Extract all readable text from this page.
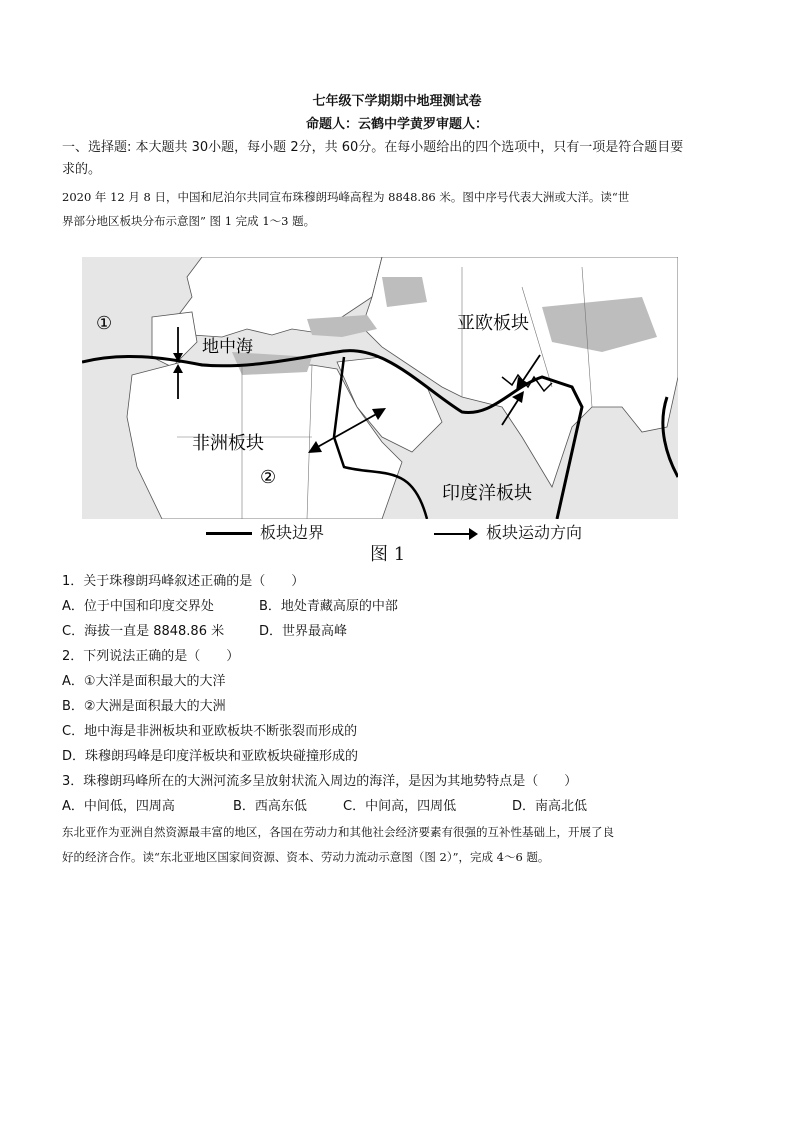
七年级下学期期中地理测试卷
命题人：云鹤中学黄罗审题人：
一、选择题: 本大题共 30小题，每小题 2分，共 60分。在每小题给出的四个选项中，只有一项是符合题目要
求的。
2020 年 12 月 8 日，中国和尼泊尔共同宣布珠穆朗玛峰高程为 8848.86 米。图中序号代表大洲或大洋。读“世
界部分地区板块分布示意图” 图 1 完成 1～3 题。
①
地中海
亚欧板块
非洲板块
②
印度洋板块
板块边界	板块运动方向
图 1
1．关于珠穆朗玛峰叙述正确的是（　　）
A．位于中国和印度交界处	B．地处青藏高原的中部
C．海拔一直是 8848.86 米	D．世界最高峰
2．下列说法正确的是（　　）
A．①大洋是面积最大的大洋
B．②大洲是面积最大的大洲
C．地中海是非洲板块和亚欧板块不断张裂而形成的
D．珠穆朗玛峰是印度洋板块和亚欧板块碰撞形成的
3．珠穆朗玛峰所在的大洲河流多呈放射状流入周边的海洋，是因为其地势特点是（　　）
A．中间低，四周高	B．西高东低	C．中间高，四周低	D．南高北低
东北亚作为亚洲自然资源最丰富的地区，各国在劳动力和其他社会经济要素有很强的互补性基础上，开展了良
好的经济合作。读“东北亚地区国家间资源、资本、劳动力流动示意图（图 2）”，完成 4～6 题。
